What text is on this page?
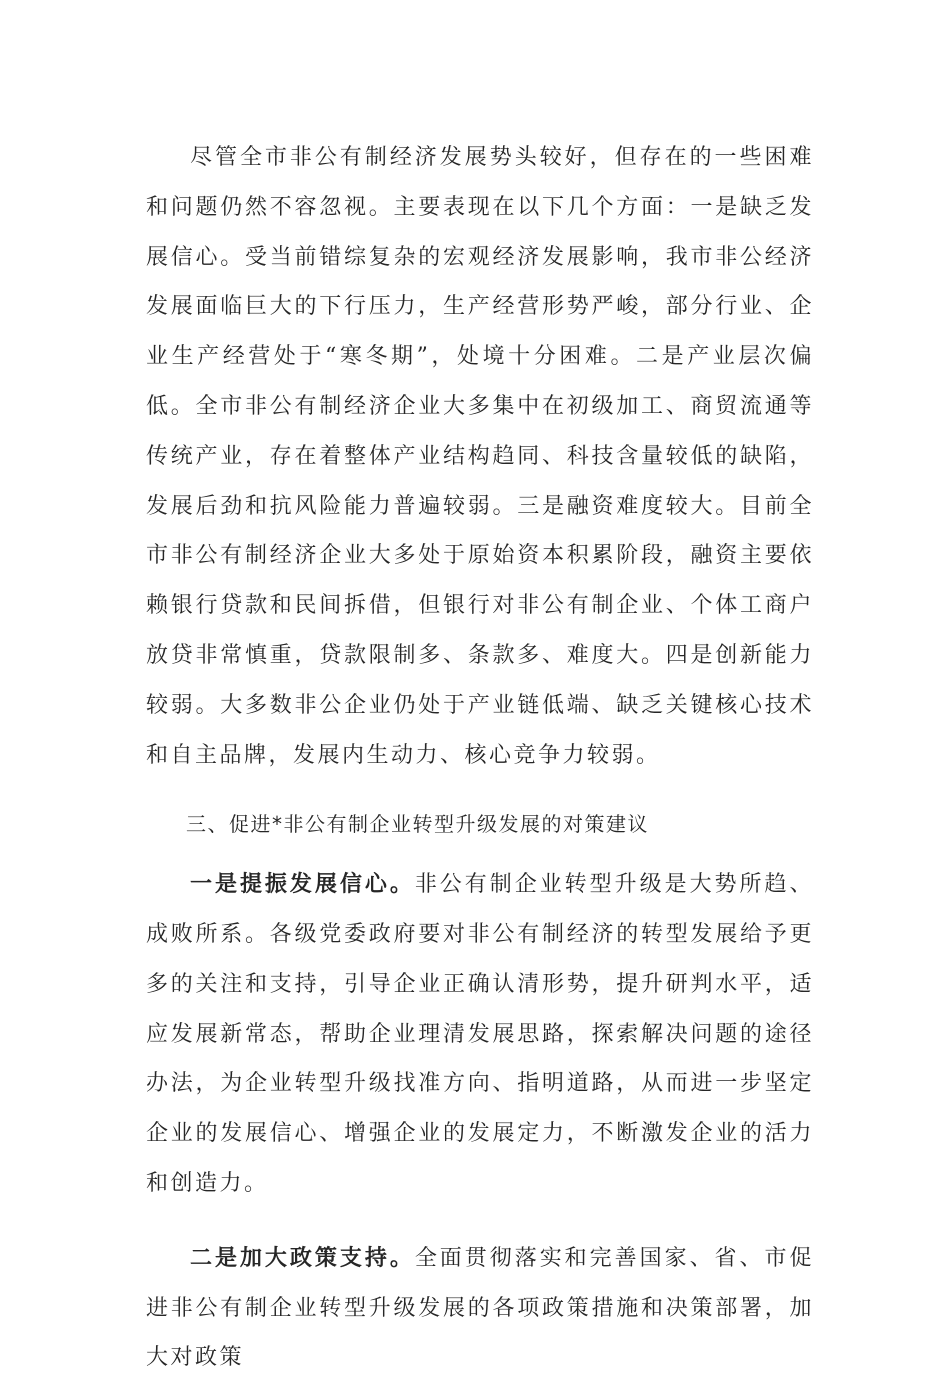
尽管全市非公有制经济发展势头较好，但存在的一些困难和问题仍然不容忽视。主要表现在以下几个方面：一是缺乏发展信心。受当前错综复杂的宏观经济发展影响，我市非公经济发展面临巨大的下行压力，生产经营形势严峻，部分行业、企业生产经营处于“寒冬期”，处境十分困难。二是产业层次偏低。全市非公有制经济企业大多集中在初级加工、商贸流通等传统产业，存在着整体产业结构趋同、科技含量较低的缺陷，发展后劲和抗风险能力普遍较弱。三是融资难度较大。目前全市非公有制经济企业大多处于原始资本积累阶段，融资主要依赖银行贷款和民间拆借，但银行对非公有制企业、个体工商户放贷非常慎重，贷款限制多、条款多、难度大。四是创新能力较弱。大多数非公企业仍处于产业链低端、缺乏关键核心技术和自主品牌，发展内生动力、核心竞争力较弱。

三、促进*非公有制企业转型升级发展的对策建议

一是提振发展信心。非公有制企业转型升级是大势所趋、成败所系。各级党委政府要对非公有制经济的转型发展给予更多的关注和支持，引导企业正确认清形势，提升研判水平，适应发展新常态，帮助企业理清发展思路，探索解决问题的途径办法，为企业转型升级找准方向、指明道路，从而进一步坚定企业的发展信心、增强企业的发展定力，不断激发企业的活力和创造力。

二是加大政策支持。全面贯彻落实和完善国家、省、市促进非公有制企业转型升级发展的各项政策措施和决策部署，加大对政策
